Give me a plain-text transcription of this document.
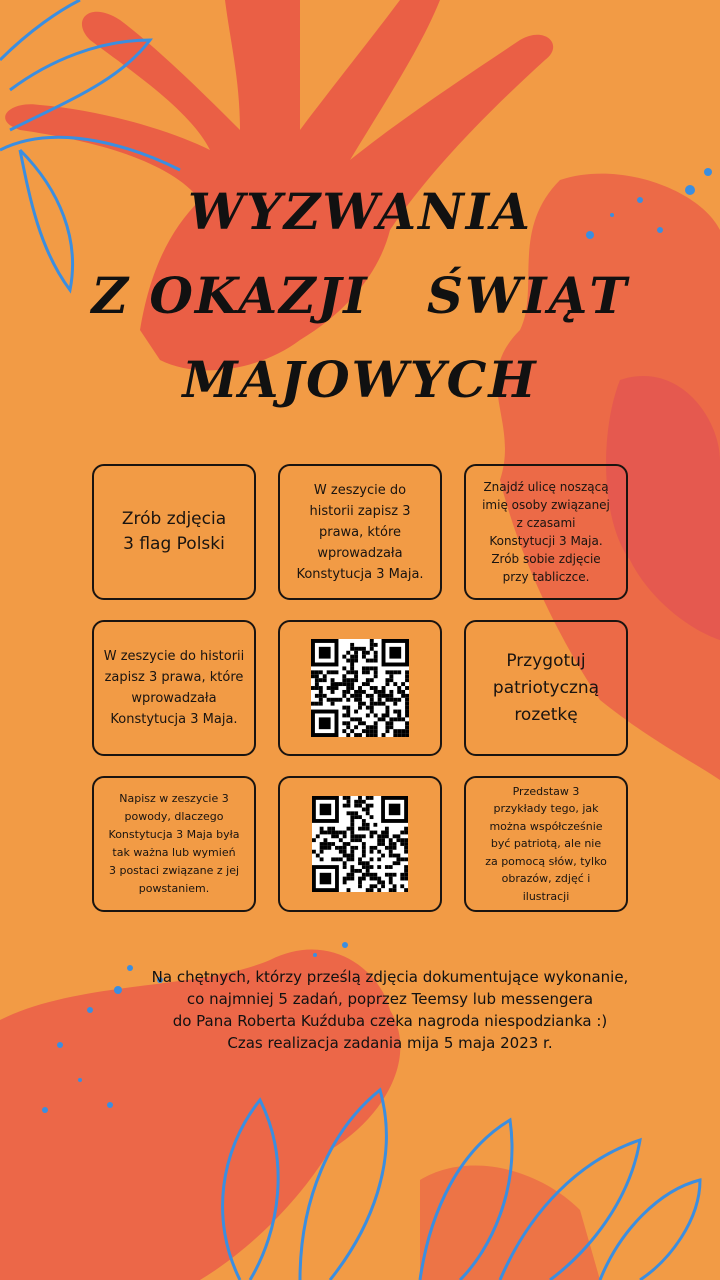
WYZWANIA
Z OKAZJI   ŚWIĄT
MAJOWYCH
Zrób zdjęcia
3 flag Polski
W zeszycie do
historii zapisz 3
prawa, które
wprowadzała
Konstytucja 3 Maja.
Znajdź ulicę noszącą
imię osoby związanej
z czasami
Konstytucji 3 Maja.
Zrób sobie zdjęcie
przy tabliczce.
W zeszycie do historii
zapisz 3 prawa, które
wprowadzała
Konstytucja 3 Maja.
Przygotuj
patriotyczną
rozetkę
Napisz w zeszycie 3
powody, dlaczego
Konstytucja 3 Maja była
tak ważna lub wymień
3 postaci związane z jej
powstaniem.
Przedstaw 3
przykłady tego, jak
można współcześnie
być patriotą, ale nie
za pomocą słów, tylko
obrazów, zdjęć i
ilustracji
Na chętnych, którzy prześlą zdjęcia dokumentujące wykonanie,
co najmniej 5 zadań, poprzez Teemsy lub messengera
do Pana Roberta Kuźduba czeka nagroda niespodzianka :)
Czas realizacja zadania mija 5 maja 2023 r.
